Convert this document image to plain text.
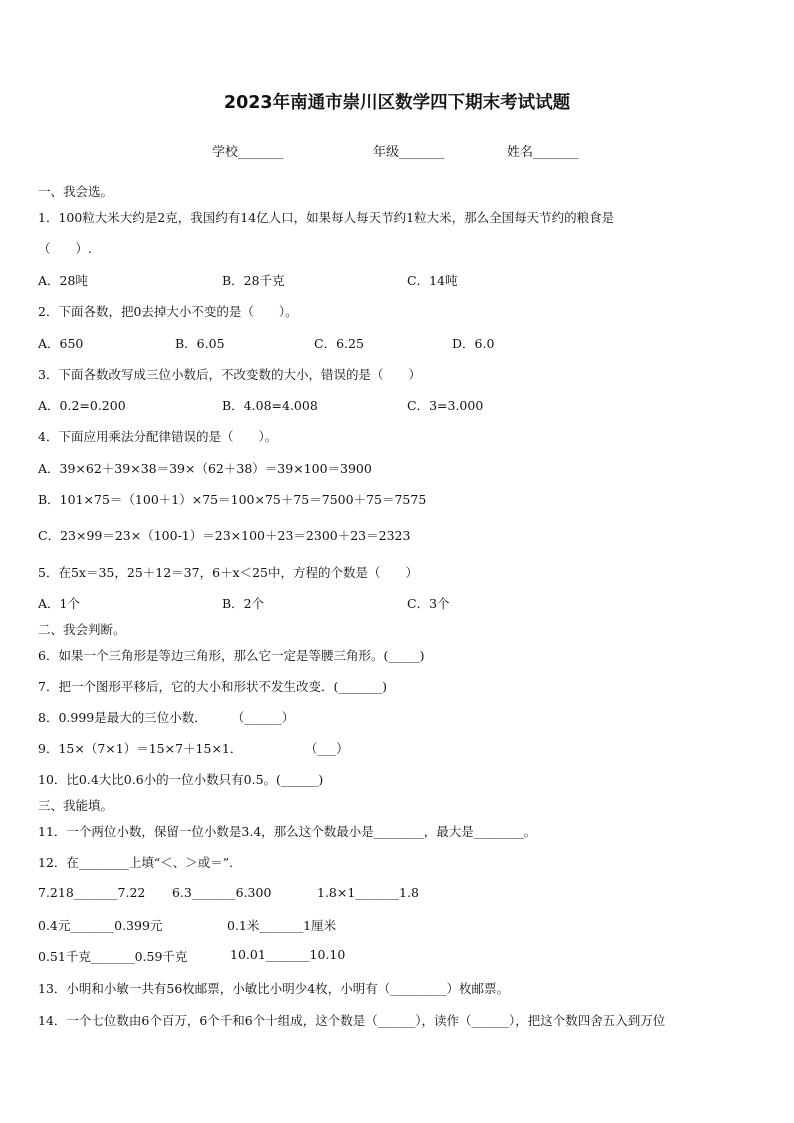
2023年南通市崇川区数学四下期末考试试题
学校_______	年级_______	姓名_______
一、我会选。
1．100粒大米大约是2克，我国约有14亿人口，如果每人每天节约1粒大米，那么全国每天节约的粮食是
（　　）.
A．28吨	B．28千克	C．14吨
2．下面各数，把0去掉大小不变的是（　　）。
A．650	B．6.05	C．6.25	D．6.0
3．下面各数改写成三位小数后，不改变数的大小，错误的是（　　）
A．0.2=0.200	B．4.08=4.008	C．3=3.000
4．下面应用乘法分配律错误的是（　　）。
A．39×62＋39×38＝39×（62＋38）＝39×100＝3900
B．101×75＝（100＋1）×75＝100×75＋75＝7500＋75＝7575
C．23×99＝23×（100-1）＝23×100＋23＝2300＋23＝2323
5．在5x＝35，25＋12＝37，6＋x＜25中，方程的个数是（　　）
A．1个	B．2个	C．3个
二、我会判断。
6．如果一个三角形是等边三角形，那么它一定是等腰三角形。(_____)
7．把一个图形平移后，它的大小和形状不发生改变．(_______)
8．0.999是最大的三位小数．　　　（______）
9．15×（7×1）＝15×7＋15×1．　　　　　　（___）
10．比0.4大比0.6小的一位小数只有0.5。(______)
三、我能填。
11．一个两位小数，保留一位小数是3.4，那么这个数最小是________，最大是________。
12．在________上填“＜、＞或＝”.
7.218_______7.22 6.3_______6.300	1.8×1_______1.8
0.4元_______0.399元	0.1米_______1厘米
0.51千克_______0.59千克	10.01_______10.10
13．小明和小敏一共有56枚邮票，小敏比小明少4枚，小明有（_________）枚邮票。
14．一个七位数由6个百万，6个千和6个十组成，这个数是（______），读作（______），把这个数四舍五入到万位
